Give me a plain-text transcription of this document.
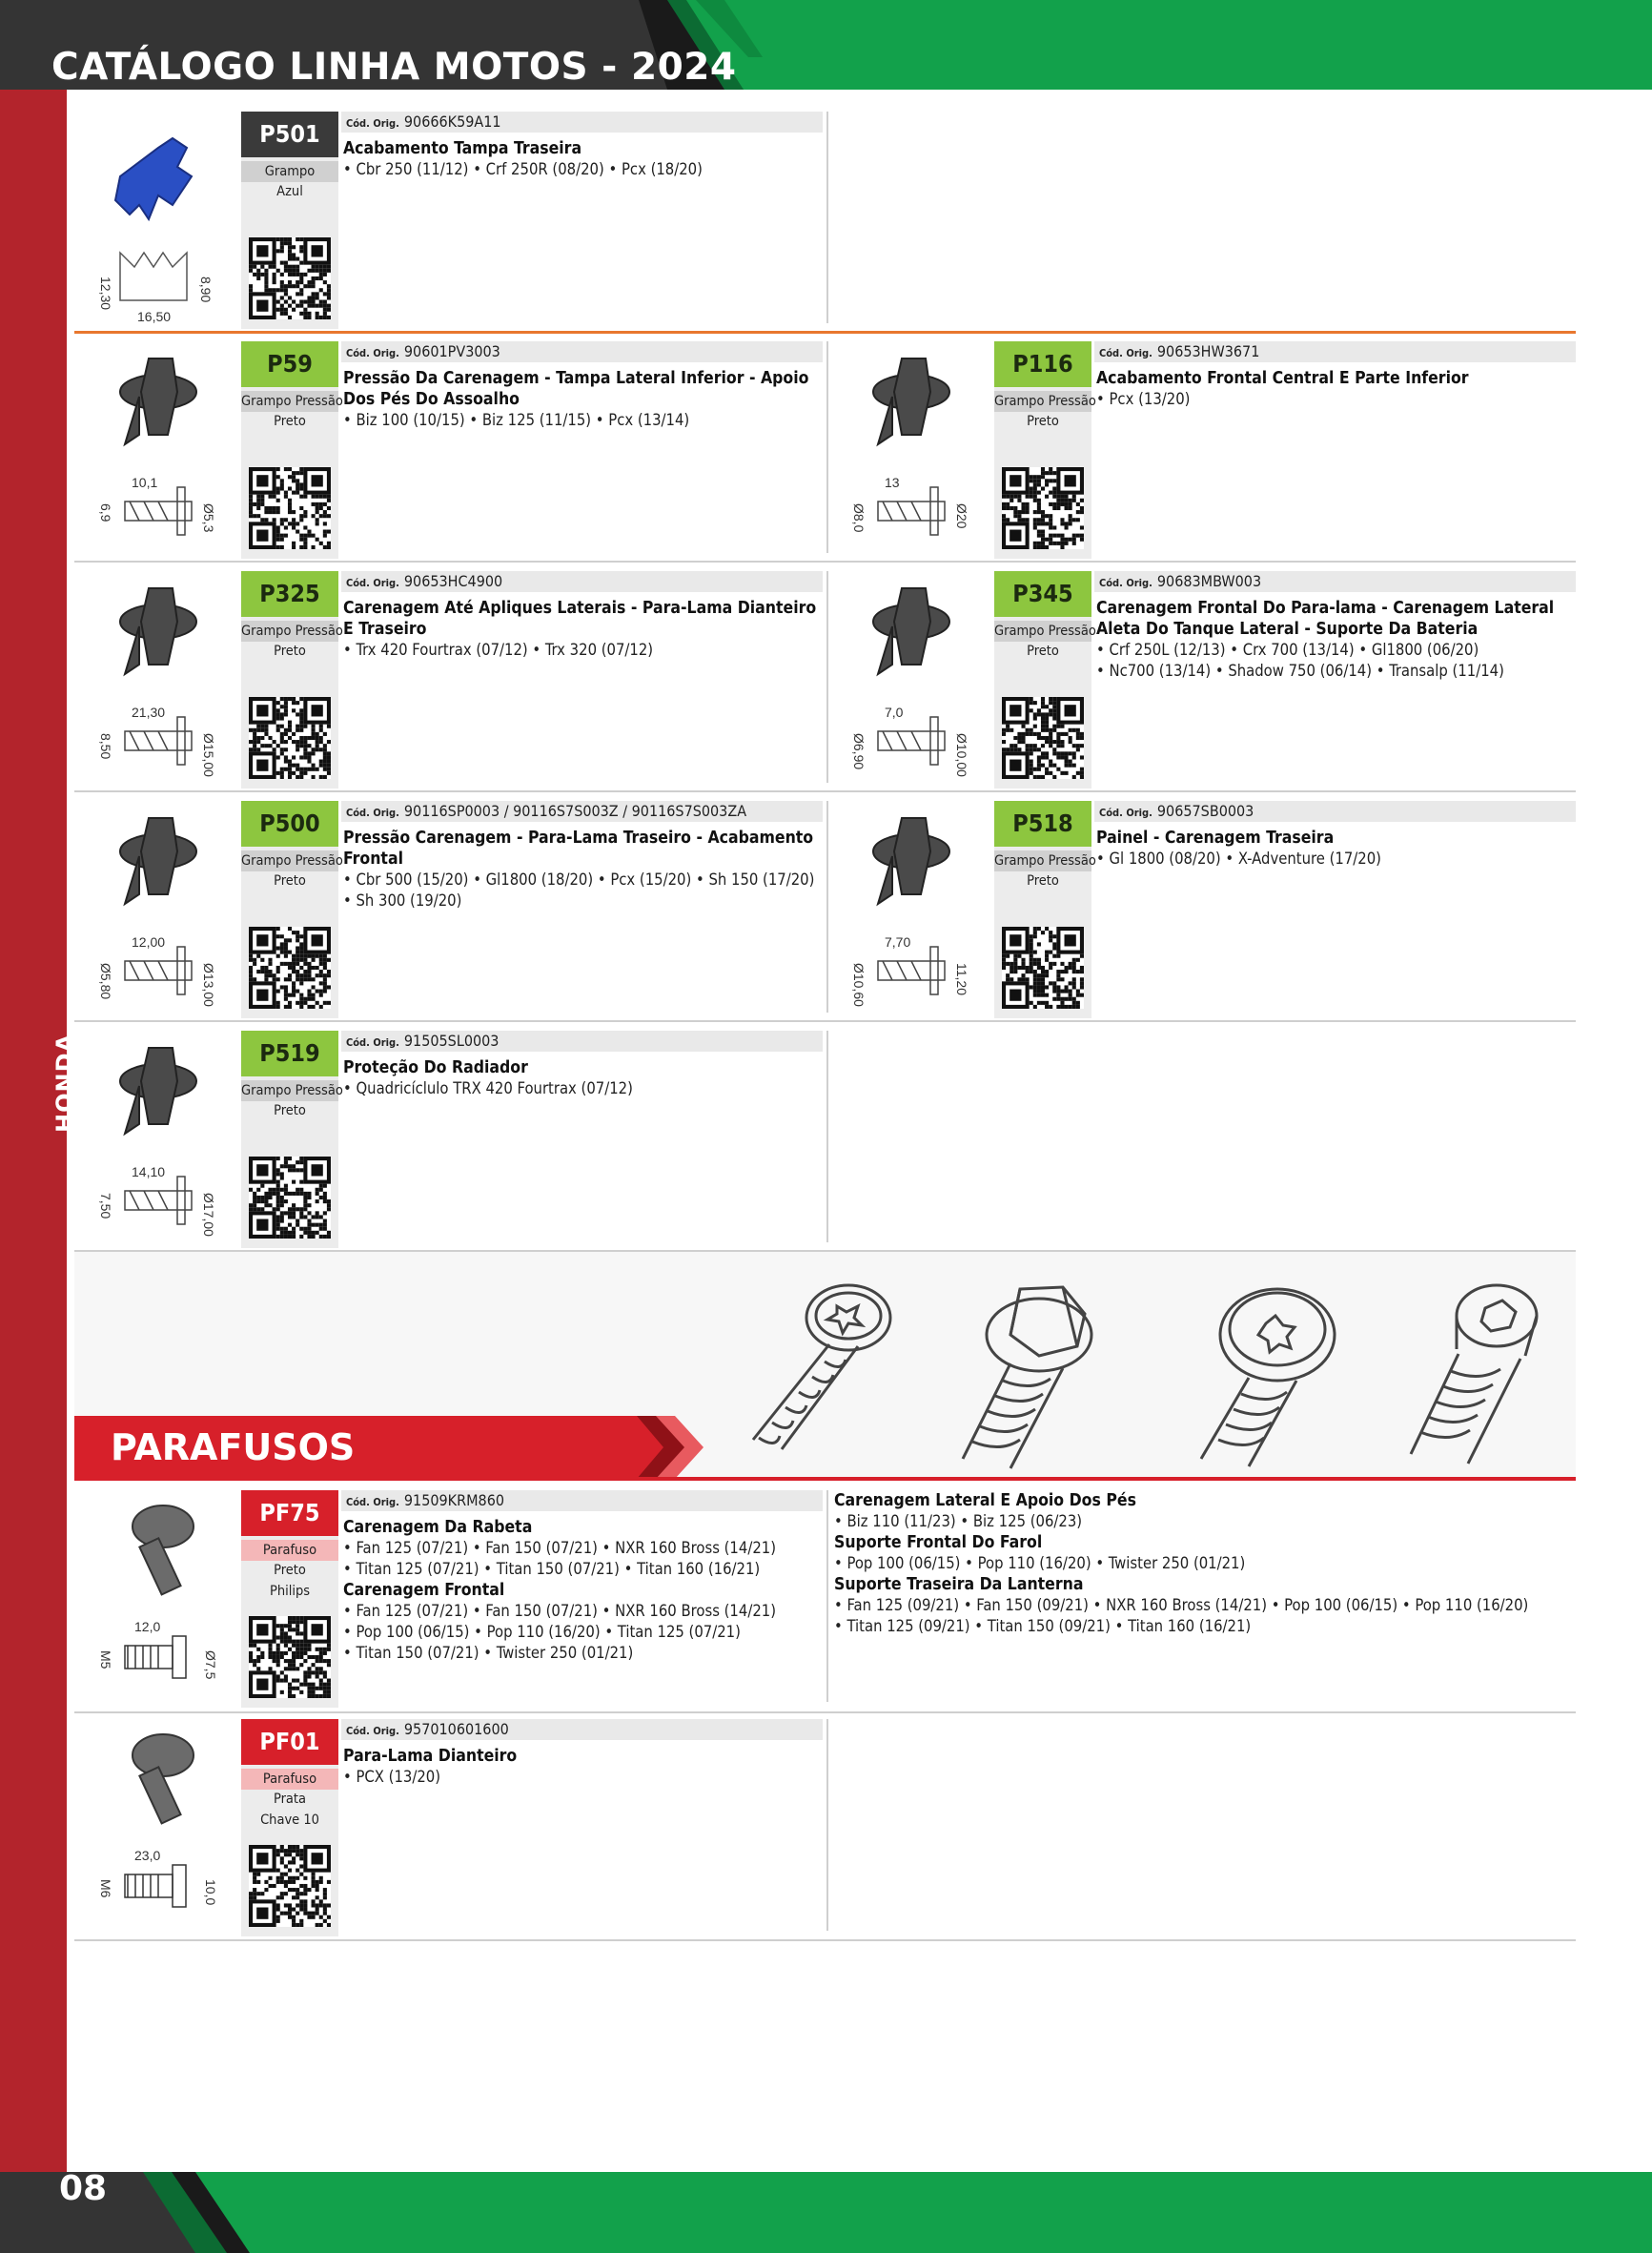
CATÁLOGO LINHA MOTOS - 2024
HONDA
12,30	8,90
16,50
P501
Grampo
Azul
Cód. Orig. 90666K59A11
Acabamento Tampa Traseira
• Cbr 250 (11/12) • Crf 250R (08/20) • Pcx (18/20)
10,1
6,9	Ø5,3
P59
Grampo Pressão
Preto
Cód. Orig. 90601PV3003
Pressão Da Carenagem - Tampa Lateral Inferior - Apoio Dos Pés Do Assoalho
• Biz 100 (10/15) • Biz 125 (11/15) • Pcx (13/14)
13
Ø8,0	Ø20
P116
Grampo Pressão
Preto
Cód. Orig. 90653HW3671
Acabamento Frontal Central E Parte Inferior
• Pcx (13/20)
21,30
8,50	Ø15,00
P325
Grampo Pressão
Preto
Cód. Orig. 90653HC4900
Carenagem Até Apliques Laterais - Para-Lama Dianteiro E Traseiro
• Trx 420 Fourtrax (07/12) • Trx 320 (07/12)
7,0
Ø6,90	Ø10,00
P345
Grampo Pressão
Preto
Cód. Orig. 90683MBW003
Carenagem Frontal Do Para-lama - Carenagem Lateral Aleta Do Tanque Lateral - Suporte Da Bateria
• Crf 250L (12/13) • Crx 700 (13/14) • Gl1800 (06/20)
• Nc700 (13/14) • Shadow 750 (06/14) • Transalp (11/14)
12,00
Ø5,80	Ø13,00
P500
Grampo Pressão
Preto
Cód. Orig. 90116SP0003 / 90116S7S003Z / 90116S7S003ZA
Pressão Carenagem - Para-Lama Traseiro - Acabamento Frontal
• Cbr 500 (15/20) • Gl1800 (18/20) • Pcx (15/20) • Sh 150 (17/20)
• Sh 300 (19/20)
7,70
Ø10,60	11,20
P518
Grampo Pressão
Preto
Cód. Orig. 90657SB0003
Painel - Carenagem Traseira
• Gl 1800 (08/20) • X-Adventure (17/20)
14,10
7,50	Ø17,00
P519
Grampo Pressão
Preto
Cód. Orig. 91505SL0003
Proteção Do Radiador
• Quadricíclulo TRX 420 Fourtrax (07/12)
12,0
M5	Ø7,5
PF75
Parafuso
Preto
Philips
Cód. Orig. 91509KRM860
Carenagem Da Rabeta
• Fan 125 (07/21) • Fan 150 (07/21) • NXR 160 Bross (14/21)
• Titan 125 (07/21) • Titan 150 (07/21) • Titan 160 (16/21)
Carenagem Frontal
• Fan 125 (07/21) • Fan 150 (07/21) • NXR 160 Bross (14/21)
• Pop 100 (06/15) • Pop 110 (16/20) • Titan 125 (07/21)
• Titan 150 (07/21) • Twister 250 (01/21)
23,0
M6	10,0
PF01
Parafuso
Prata
Chave 10
Cód. Orig. 957010601600
Para-Lama Dianteiro
• PCX (13/20)
PARAFUSOS
Carenagem Lateral E Apoio Dos Pés
• Biz 110 (11/23) • Biz 125 (06/23)
Suporte Frontal Do Farol
• Pop 100 (06/15) • Pop 110 (16/20) • Twister 250 (01/21)
Suporte Traseira Da Lanterna
• Fan 125 (09/21) • Fan 150 (09/21) • NXR 160 Bross (14/21) • Pop 100 (06/15) • Pop 110 (16/20)
• Titan 125 (09/21) • Titan 150 (09/21) • Titan 160 (16/21)
08
